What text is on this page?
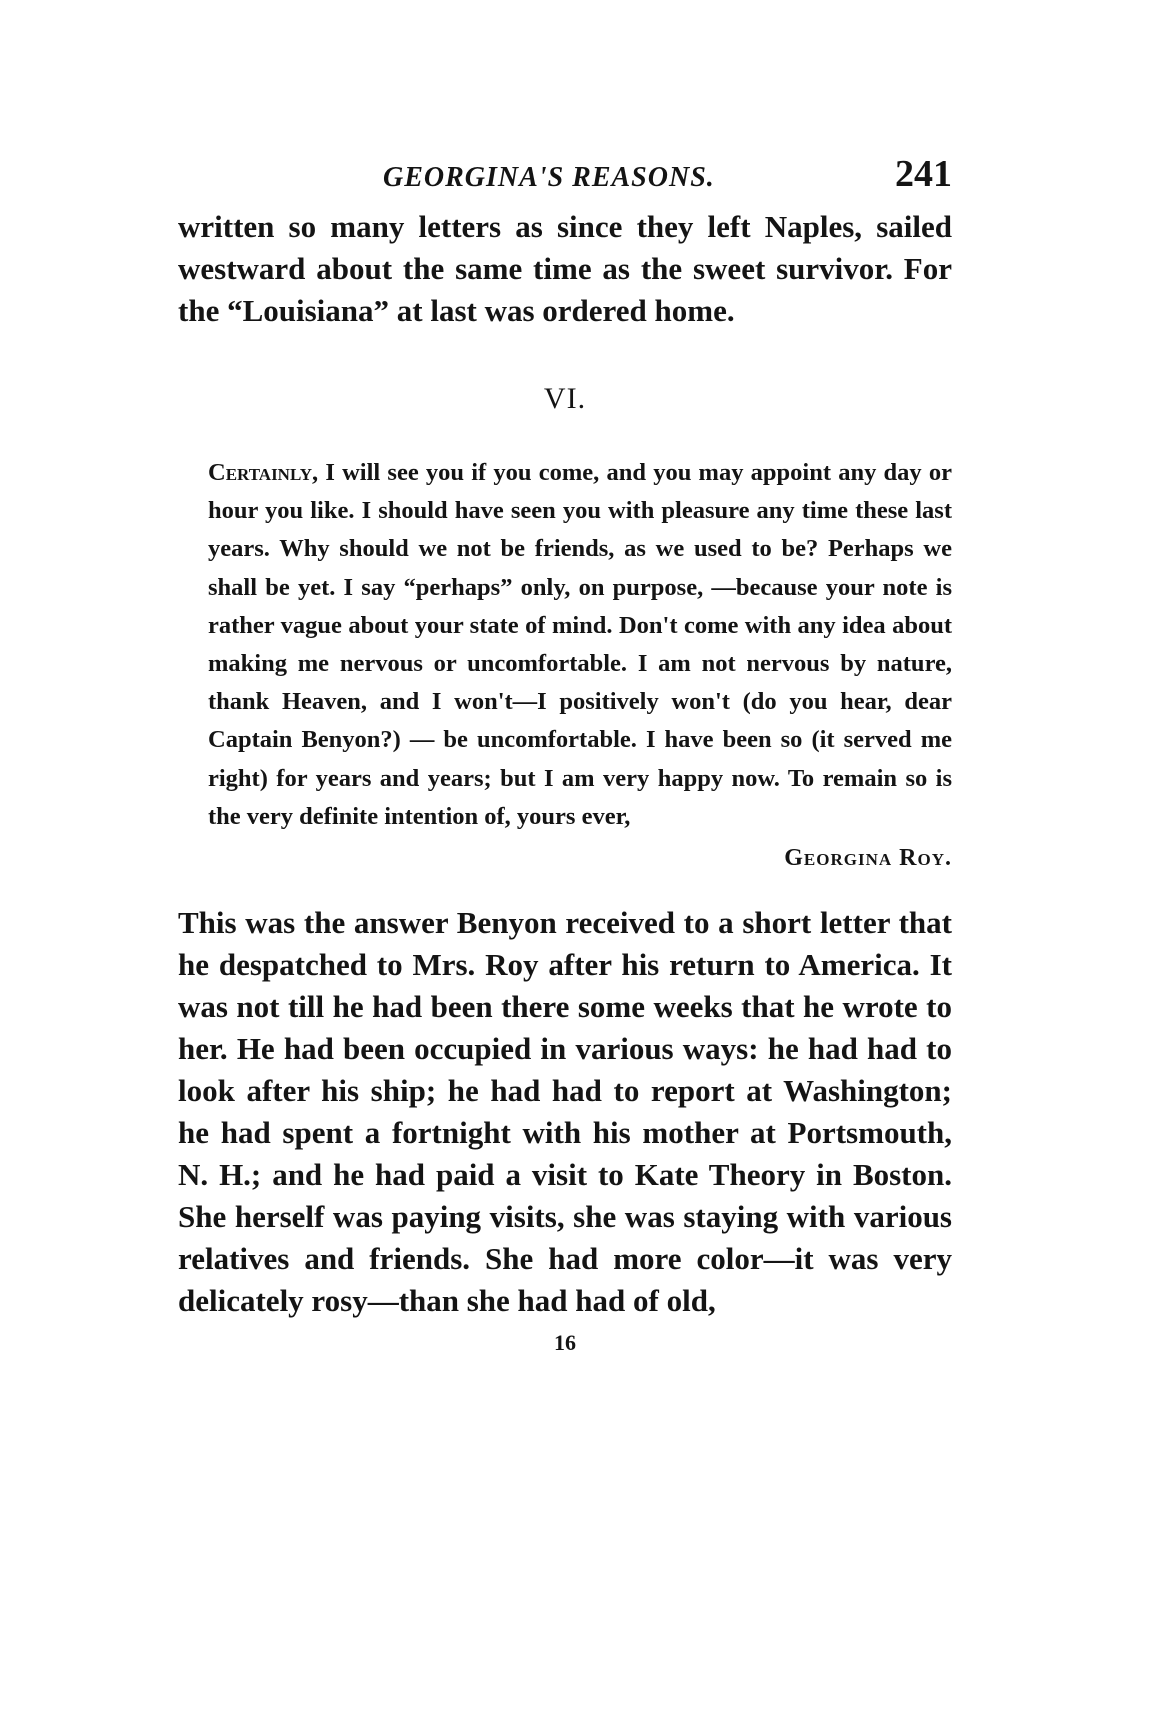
GEORGINA'S REASONS.	241

written so many letters as since they left Naples, sailed westward about the same time as the sweet survivor. For the “Louisiana” at last was ordered home.

VI.

Certainly, I will see you if you come, and you may appoint any day or hour you like. I should have seen you with pleasure any time these last years. Why should we not be friends, as we used to be? Perhaps we shall be yet. I say “perhaps” only, on purpose, —because your note is rather vague about your state of mind. Don't come with any idea about making me nervous or uncomfortable. I am not nervous by nature, thank Heaven, and I won't—I positively won't (do you hear, dear Captain Benyon?) — be uncomfortable. I have been so (it served me right) for years and years; but I am very happy now. To remain so is the very definite intention of, yours ever,

Georgina Roy.

This was the answer Benyon received to a short letter that he despatched to Mrs. Roy after his return to America. It was not till he had been there some weeks that he wrote to her. He had been occupied in various ways: he had had to look after his ship; he had had to report at Washington; he had spent a fortnight with his mother at Portsmouth, N. H.; and he had paid a visit to Kate Theory in Boston. She herself was paying visits, she was staying with various relatives and friends. She had more color—it was very delicately rosy—than she had had of old,

16
